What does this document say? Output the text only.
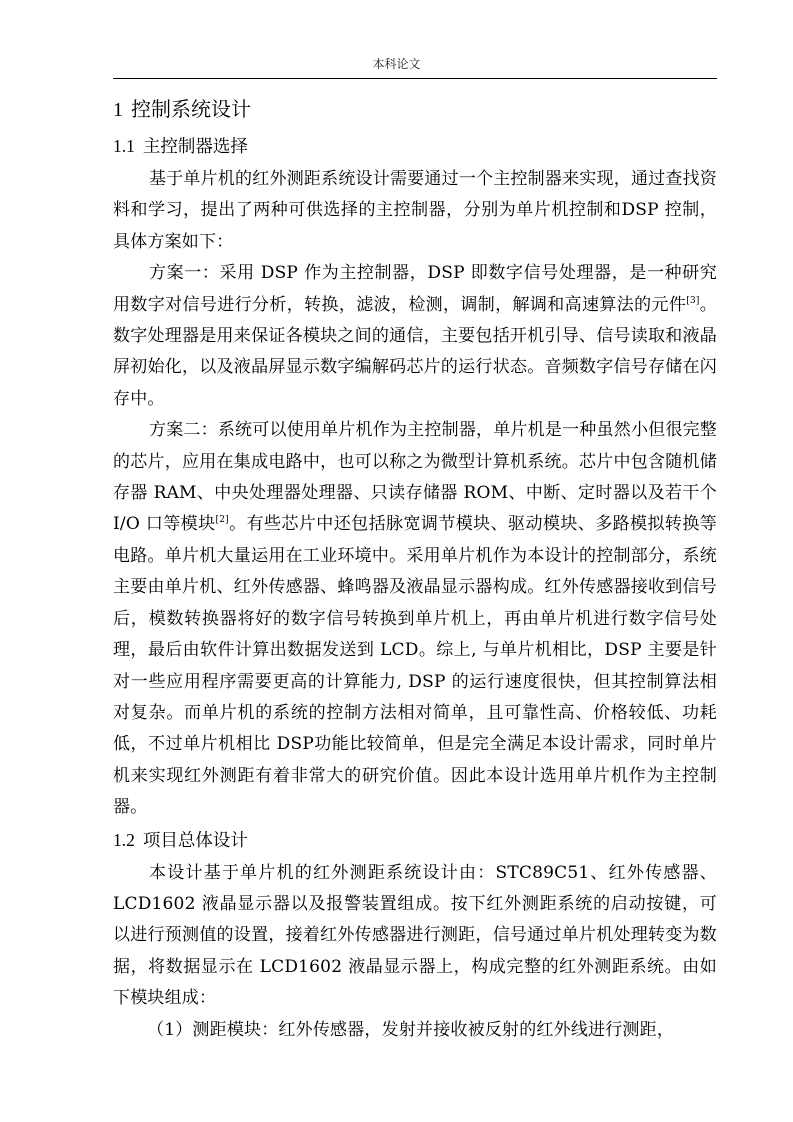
本科论文
1 控制系统设计
1.1 主控制器选择

基于单片机的红外测距系统设计需要通过一个主控制器来实现，通过查找资料和学习，提出了两种可供选择的主控制器，分别为单片机控制和DSP 控制，具体方案如下：

方案一：采用 DSP 作为主控制器，DSP 即数字信号处理器，是一种研究用数字对信号进行分析，转换，滤波，检测，调制，解调和高速算法的元件[3]。数字处理器是用来保证各模块之间的通信，主要包括开机引导、信号读取和液晶屏初始化，以及液晶屏显示数字编解码芯片的运行状态。音频数字信号存储在闪存中。

方案二：系统可以使用单片机作为主控制器，单片机是一种虽然小但很完整的芯片，应用在集成电路中，也可以称之为微型计算机系统。芯片中包含随机储存器 RAM、中央处理器处理器、只读存储器 ROM、中断、定时器以及若干个 I/O 口等模块[2]。有些芯片中还包括脉宽调节模块、驱动模块、多路模拟转换等电路。单片机大量运用在工业环境中。采用单片机作为本设计的控制部分，系统主要由单片机、红外传感器、蜂鸣器及液晶显示器构成。红外传感器接收到信号后，模数转换器将好的数字信号转换到单片机上，再由单片机进行数字信号处理，最后由软件计算出数据发送到 LCD。综上, 与单片机相比，DSP 主要是针对一些应用程序需要更高的计算能力, DSP 的运行速度很快，但其控制算法相对复杂。而单片机的系统的控制方法相对简单，且可靠性高、价格较低、功耗低，不过单片机相比 DSP功能比较简单，但是完全满足本设计需求，同时单片机来实现红外测距有着非常大的研究价值。因此本设计选用单片机作为主控制器。

1.2 项目总体设计

本设计基于单片机的红外测距系统设计由：STC89C51、红外传感器、LCD1602 液晶显示器以及报警装置组成。按下红外测距系统的启动按键，可以进行预测值的设置，接着红外传感器进行测距，信号通过单片机处理转变为数据，将数据显示在 LCD1602 液晶显示器上，构成完整的红外测距系统。由如下模块组成：

（1）测距模块：红外传感器，发射并接收被反射的红外线进行测距，
